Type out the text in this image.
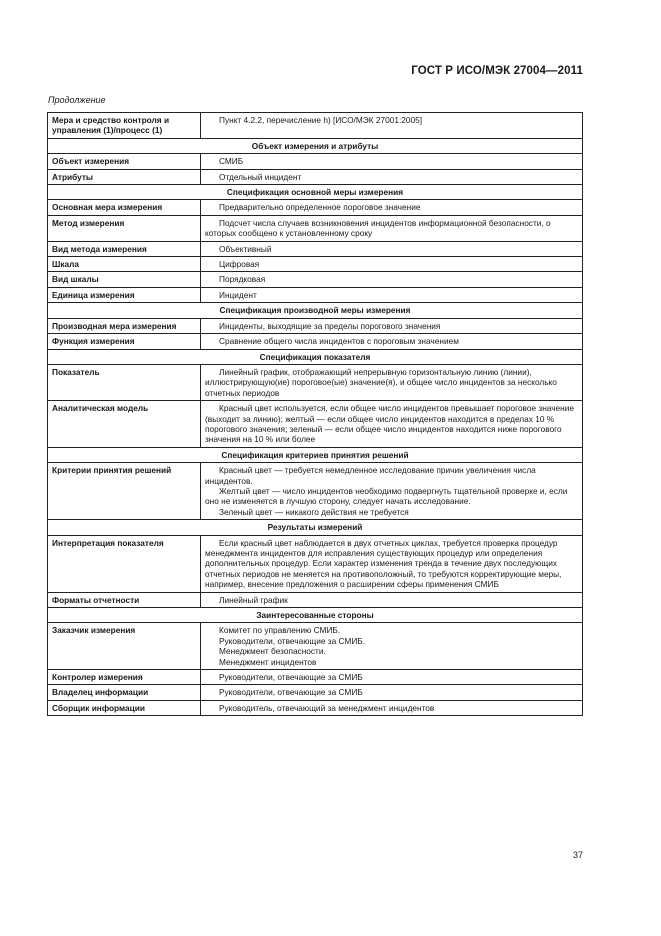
ГОСТ Р ИСО/МЭК 27004—2011
Продолжение
Мера и средство контроля и управления (1)/процесс (1)	Пункт 4.2.2, перечисление h) [ИСО/МЭК 27001:2005]
Объект измерения и атрибуты	
Объект измерения	СМИБ
Атрибуты	Отдельный инцидент
Спецификация основной меры измерения	
Основная мера измерения	Предварительно определенное пороговое значение
Метод измерения	Подсчет числа случаев возникновения инцидентов информационной безопасности, о которых сообщено к установленному сроку
Вид метода измерения	Объективный
Шкала	Цифровая
Вид шкалы	Порядковая
Единица измерения	Инцидент
Спецификация производной меры измерения	
Производная мера измерения	Инциденты, выходящие за пределы порогового значения
Функция измерения	Сравнение общего числа инцидентов с пороговым значением
Спецификация показателя	
Показатель	Линейный график, отображающий непрерывную горизонтальную линию (линии), иллюстрирующую(ие) пороговое(ые) значение(я), и общее число инцидентов за несколько отчетных периодов
Аналитическая модель	Красный цвет используется, если общее число инцидентов превышает пороговое значение (выходит за линию); желтый — если общее число инцидентов находится в пределах 10 % порогового значения; зеленый — если общее число инцидентов находится ниже порогового значения на 10 % или более
Спецификация критериев принятия решений	
Критерии принятия решений	Красный цвет — требуется немедленное исследование причин увеличения числа инцидентов.
Желтый цвет — число инцидентов необходимо подвергнуть тщательной проверке и, если оно не изменяется в лучшую сторону, следует начать исследование.
Зеленый цвет — никакого действия не требуется

Результаты измерений	
Интерпретация показателя	Если красный цвет наблюдается в двух отчетных циклах, требуется проверка процедур менеджмента инцидентов для исправления существующих процедур или определения дополнительных процедур. Если характер изменения тренда в течение двух последующих отчетных периодов не меняется на противоположный, то требуются корректирующие меры, например, внесение предложения о расширении сферы применения СМИБ
Форматы отчетности	Линейный график
Заинтересованные стороны	
Заказчик измерения	Комитет по управлению СМИБ.
Руководители, отвечающие за СМИБ.
Менеджмент безопасности.
Менеджмент инцидентов

Контролер измерения	Руководители, отвечающие за СМИБ
Владелец информации	Руководители, отвечающие за СМИБ
Сборщик информации	Руководитель, отвечающий за менеджмент инцидентов
37
